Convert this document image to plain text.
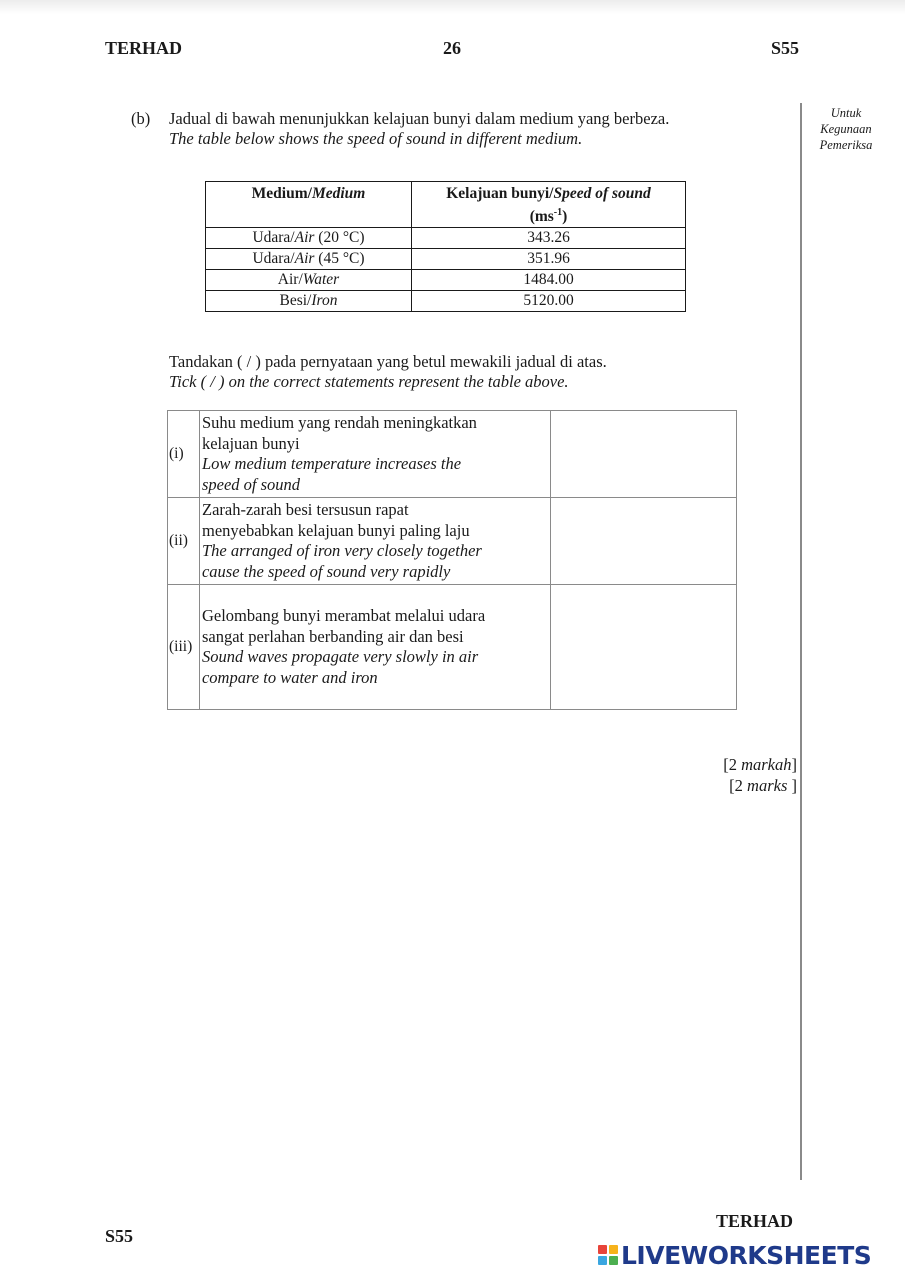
TERHAD	26	S55
Untuk
Kegunaan
Pemeriksa
(b) Jadual di bawah menunjukkan kelajuan bunyi dalam medium yang berbeza.
The table below shows the speed of sound in different medium.
Medium/Medium	Kelajuan bunyi/Speed of sound
$(ms^{-1})$
Udara/Air (20 °C)	343.26
Udara/Air (45 °C)	351.96
Air/Water	1484.00
Besi/Iron	5120.00
Tandakan ( / ) pada pernyataan yang betul mewakili jadual di atas.
Tick ( / ) on the correct statements represent the table above.
(i)	Suhu medium yang rendah meningkatkan
kelajuan bunyi
Low medium temperature increases the
speed of sound	

(ii)	Zarah-zarah besi tersusun rapat
menyebabkan kelajuan bunyi paling laju
The arranged of iron very closely together
cause the speed of sound very rapidly	

(iii)	Gelombang bunyi merambat melalui udara
sangat perlahan berbanding air dan besi
Sound waves propagate very slowly in air
compare to water and iron	

[2 markah]
[2 marks ]
TERHAD
S55
LIVEWORKSHEETS
